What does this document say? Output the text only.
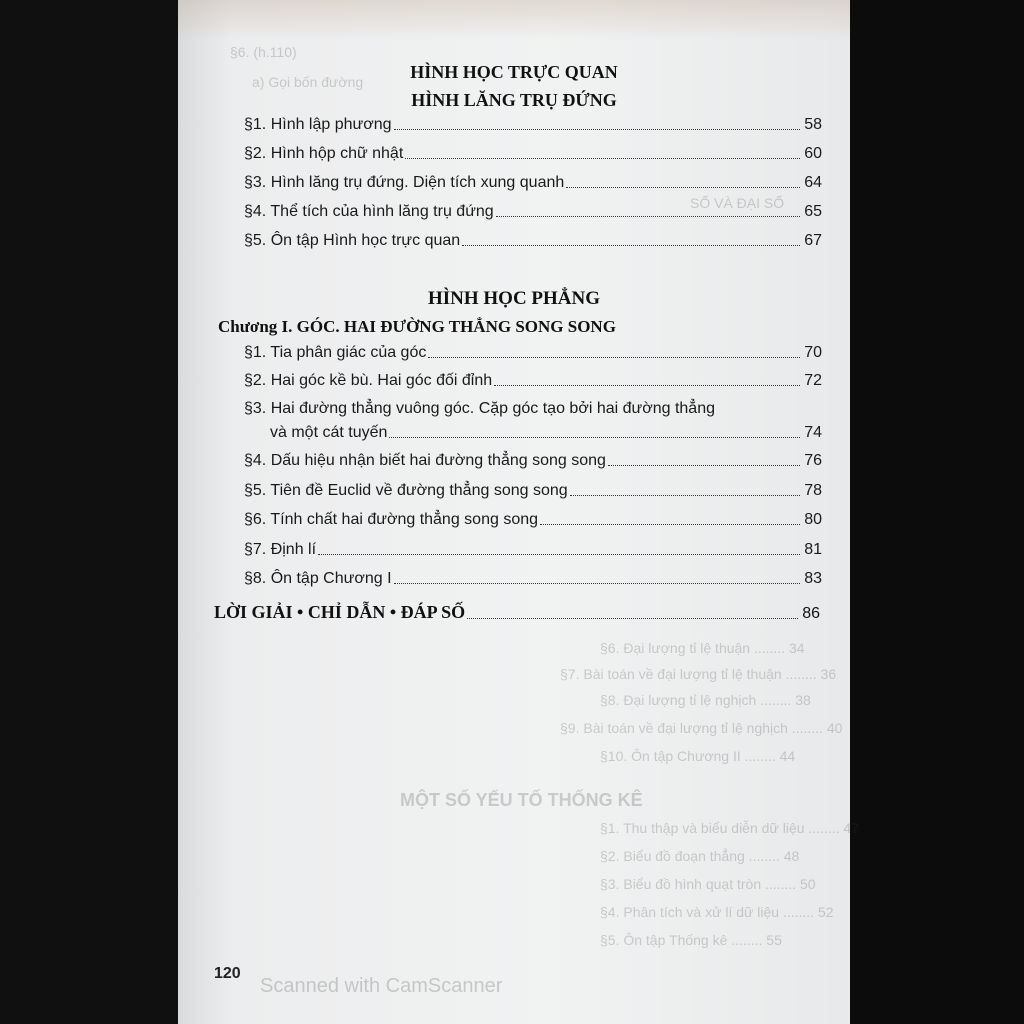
§6. (h.110)
a) Gọi bốn đường
SỐ VÀ ĐẠI SỐ
§6. Đại lượng tỉ lệ thuận ........ 34
§7. Bài toán về đại lượng tỉ lệ thuận ........ 36
§8. Đại lượng tỉ lệ nghịch ........ 38
§9. Bài toán về đại lượng tỉ lệ nghịch ........ 40
§10. Ôn tập Chương II ........ 44
MỘT SỐ YẾU TỐ THỐNG KÊ
§1. Thu thập và biểu diễn dữ liệu ........ 47
§2. Biểu đồ đoạn thẳng ........ 48
§3. Biểu đồ hình quạt tròn ........ 50
§4. Phân tích và xử lí dữ liệu ........ 52
§5. Ôn tập Thống kê ........ 55
HÌNH HỌC TRỰC QUAN
HÌNH LĂNG TRỤ ĐỨNG
§1. Hình lập phương	58
§2. Hình hộp chữ nhật	60
§3. Hình lăng trụ đứng. Diện tích xung quanh	64
§4. Thể tích của hình lăng trụ đứng	65
§5. Ôn tập Hình học trực quan	67
HÌNH HỌC PHẲNG
Chương I. GÓC. HAI ĐƯỜNG THẲNG SONG SONG
§1. Tia phân giác của góc	70
§2. Hai góc kề bù. Hai góc đối đỉnh	72
§3. Hai đường thẳng vuông góc. Cặp góc tạo bởi hai đường thẳng
và một cát tuyến	74
§4. Dấu hiệu nhận biết hai đường thẳng song song	76
§5. Tiên đề Euclid về đường thẳng song song	78
§6. Tính chất hai đường thẳng song song	80
§7. Định lí	81
§8. Ôn tập Chương I	83
LỜI GIẢI • CHỈ DẪN • ĐÁP SỐ	86
120
Scanned with CamScanner
